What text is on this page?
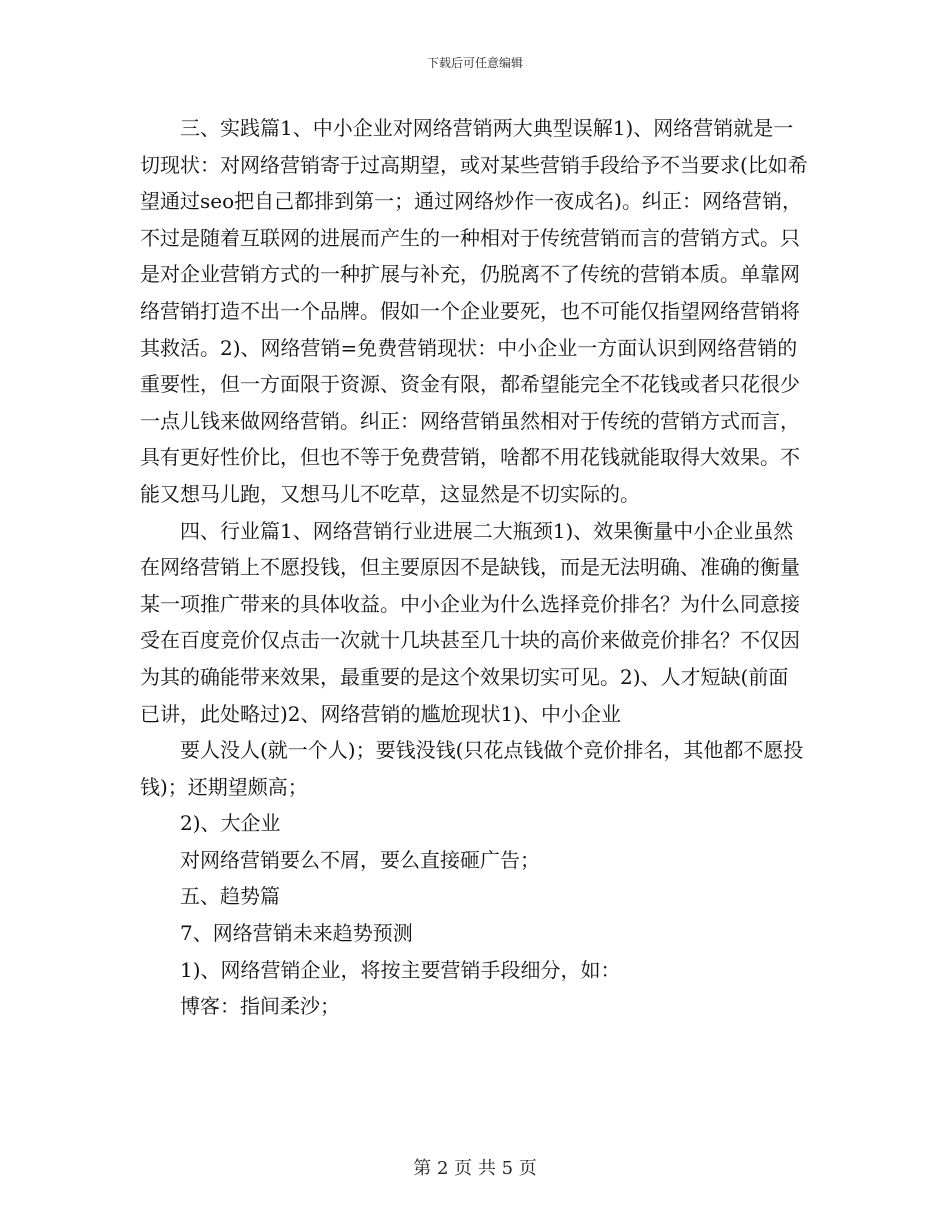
下载后可任意编辑

三、实践篇1、中小企业对网络营销两大典型误解1)、网络营销就是一切现状：对网络营销寄于过高期望，或对某些营销手段给予不当要求(比如希望通过seo把自己都排到第一；通过网络炒作一夜成名)。纠正：网络营销，不过是随着互联网的进展而产生的一种相对于传统营销而言的营销方式。只是对企业营销方式的一种扩展与补充，仍脱离不了传统的营销本质。单靠网络营销打造不出一个品牌。假如一个企业要死，也不可能仅指望网络营销将其救活。2)、网络营销=免费营销现状：中小企业一方面认识到网络营销的重要性，但一方面限于资源、资金有限，都希望能完全不花钱或者只花很少一点儿钱来做网络营销。纠正：网络营销虽然相对于传统的营销方式而言，具有更好性价比，但也不等于免费营销，啥都不用花钱就能取得大效果。不能又想马儿跑，又想马儿不吃草，这显然是不切实际的。

四、行业篇1、网络营销行业进展二大瓶颈1)、效果衡量中小企业虽然在网络营销上不愿投钱，但主要原因不是缺钱，而是无法明确、准确的衡量某一项推广带来的具体收益。中小企业为什么选择竞价排名？为什么同意接受在百度竞价仅点击一次就十几块甚至几十块的高价来做竞价排名？不仅因为其的确能带来效果，最重要的是这个效果切实可见。2)、人才短缺(前面已讲，此处略过)2、网络营销的尴尬现状1)、中小企业

要人没人(就一个人)；要钱没钱(只花点钱做个竞价排名，其他都不愿投钱)；还期望颇高；

2)、大企业

对网络营销要么不屑，要么直接砸广告；

五、趋势篇

7、网络营销未来趋势预测

1)、网络营销企业，将按主要营销手段细分，如：

博客：指间柔沙；

第 2 页 共 5 页
